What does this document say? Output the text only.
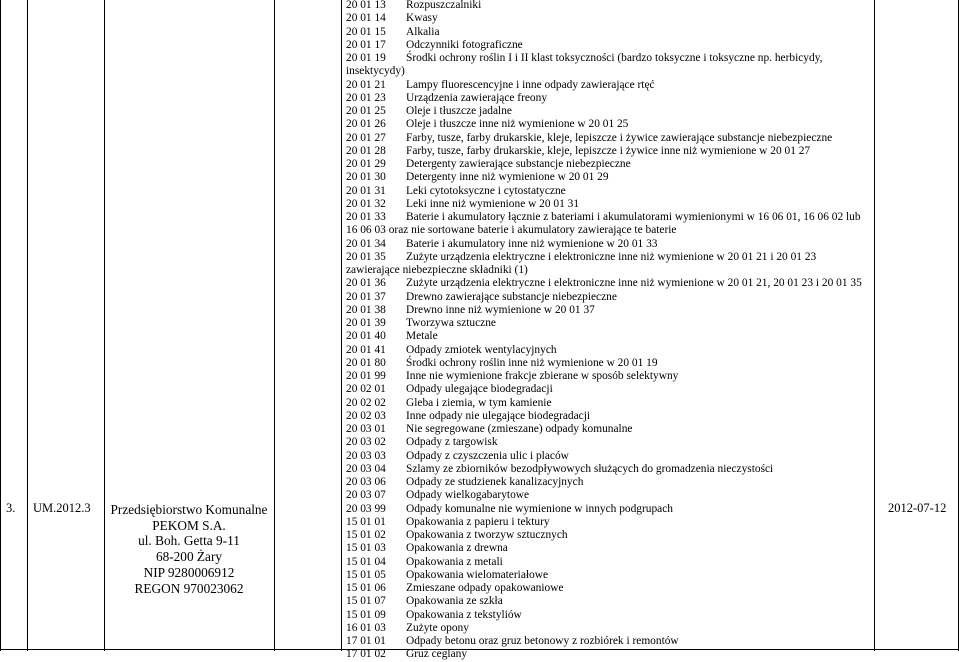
3. UM.2012.3 Przedsiębiorstwo Komunalne
PEKOM S.A.
ul. Boh. Getta 9-11
68-200 Żary
NIP 9280006912
REGON 970023062
2012-07-12
20 01 13 Rozpuszczalniki
20 01 14 Kwasy
20 01 15 Alkalia
20 01 17 Odczynniki fotograficzne
20 01 19 Środki ochrony roślin I i II klast toksyczności (bardzo toksyczne i toksyczne np. herbicydy, insektycydy)
20 01 21 Lampy fluorescencyjne i inne odpady zawierające rtęć
20 01 23 Urządzenia zawierające freony
20 01 25 Oleje i tłuszcze jadalne
20 01 26 Oleje i tłuszcze inne niż wymienione w 20 01 25
20 01 27 Farby, tusze, farby drukarskie, kleje, lepiszcze i żywice zawierające substancje niebezpieczne
20 01 28 Farby, tusze, farby drukarskie, kleje, lepiszcze i żywice inne niż wymienione w 20 01 27
20 01 29 Detergenty zawierające substancje niebezpieczne
20 01 30 Detergenty inne niż wymienione w 20 01 29
20 01 31 Leki cytotoksyczne i cytostatyczne
20 01 32 Leki inne niż wymienione w 20 01 31
20 01 33 Baterie i akumulatory łącznie z bateriami i akumulatorami wymienionymi w 16 06 01, 16 06 02 lub 16 06 03 oraz nie sortowane baterie i akumulatory zawierające te baterie
20 01 34 Baterie i akumulatory inne niż wymienione w 20 01 33
20 01 35 Zużyte urządzenia elektryczne i elektroniczne inne niż wymienione w 20 01 21 i 20 01 23 zawierające niebezpieczne składniki (1)
20 01 36 Zużyte urządzenia elektryczne i elektroniczne inne niż wymienione w 20 01 21, 20 01 23 i 20 01 35
20 01 37 Drewno zawierające substancje niebezpieczne
20 01 38 Drewno inne niż wymienione w 20 01 37
20 01 39 Tworzywa sztuczne
20 01 40 Metale
20 01 41 Odpady zmiotek wentylacyjnych
20 01 80 Środki ochrony roślin inne niż wymienione w 20 01 19
20 01 99 Inne nie wymienione frakcje zbierane w sposób selektywny
20 02 01 Odpady ulegające biodegradacji
20 02 02 Gleba i ziemia, w tym kamienie
20 02 03 Inne odpady nie ulegające biodegradacji
20 03 01 Nie segregowane (zmieszane) odpady komunalne
20 03 02 Odpady z targowisk
20 03 03 Odpady z czyszczenia ulic i placów
20 03 04 Szlamy ze zbiorników bezodpływowych służących do gromadzenia nieczystości
20 03 06 Odpady ze studzienek kanalizacyjnych
20 03 07 Odpady wielkogabarytowe
20 03 99 Odpady komunalne nie wymienione w innych podgrupach
15 01 01 Opakowania z papieru i tektury
15 01 02 Opakowania z tworzyw sztucznych
15 01 03 Opakowania z drewna
15 01 04 Opakowania z metali
15 01 05 Opakowania wielomateriałowe
15 01 06 Zmieszane odpady opakowaniowe
15 01 07 Opakowania ze szkła
15 01 09 Opakowania z tekstyliów
16 01 03 Zużyte opony
17 01 01 Odpady betonu oraz gruz betonowy z rozbiórek i remontów
17 01 02 Gruz ceglany
